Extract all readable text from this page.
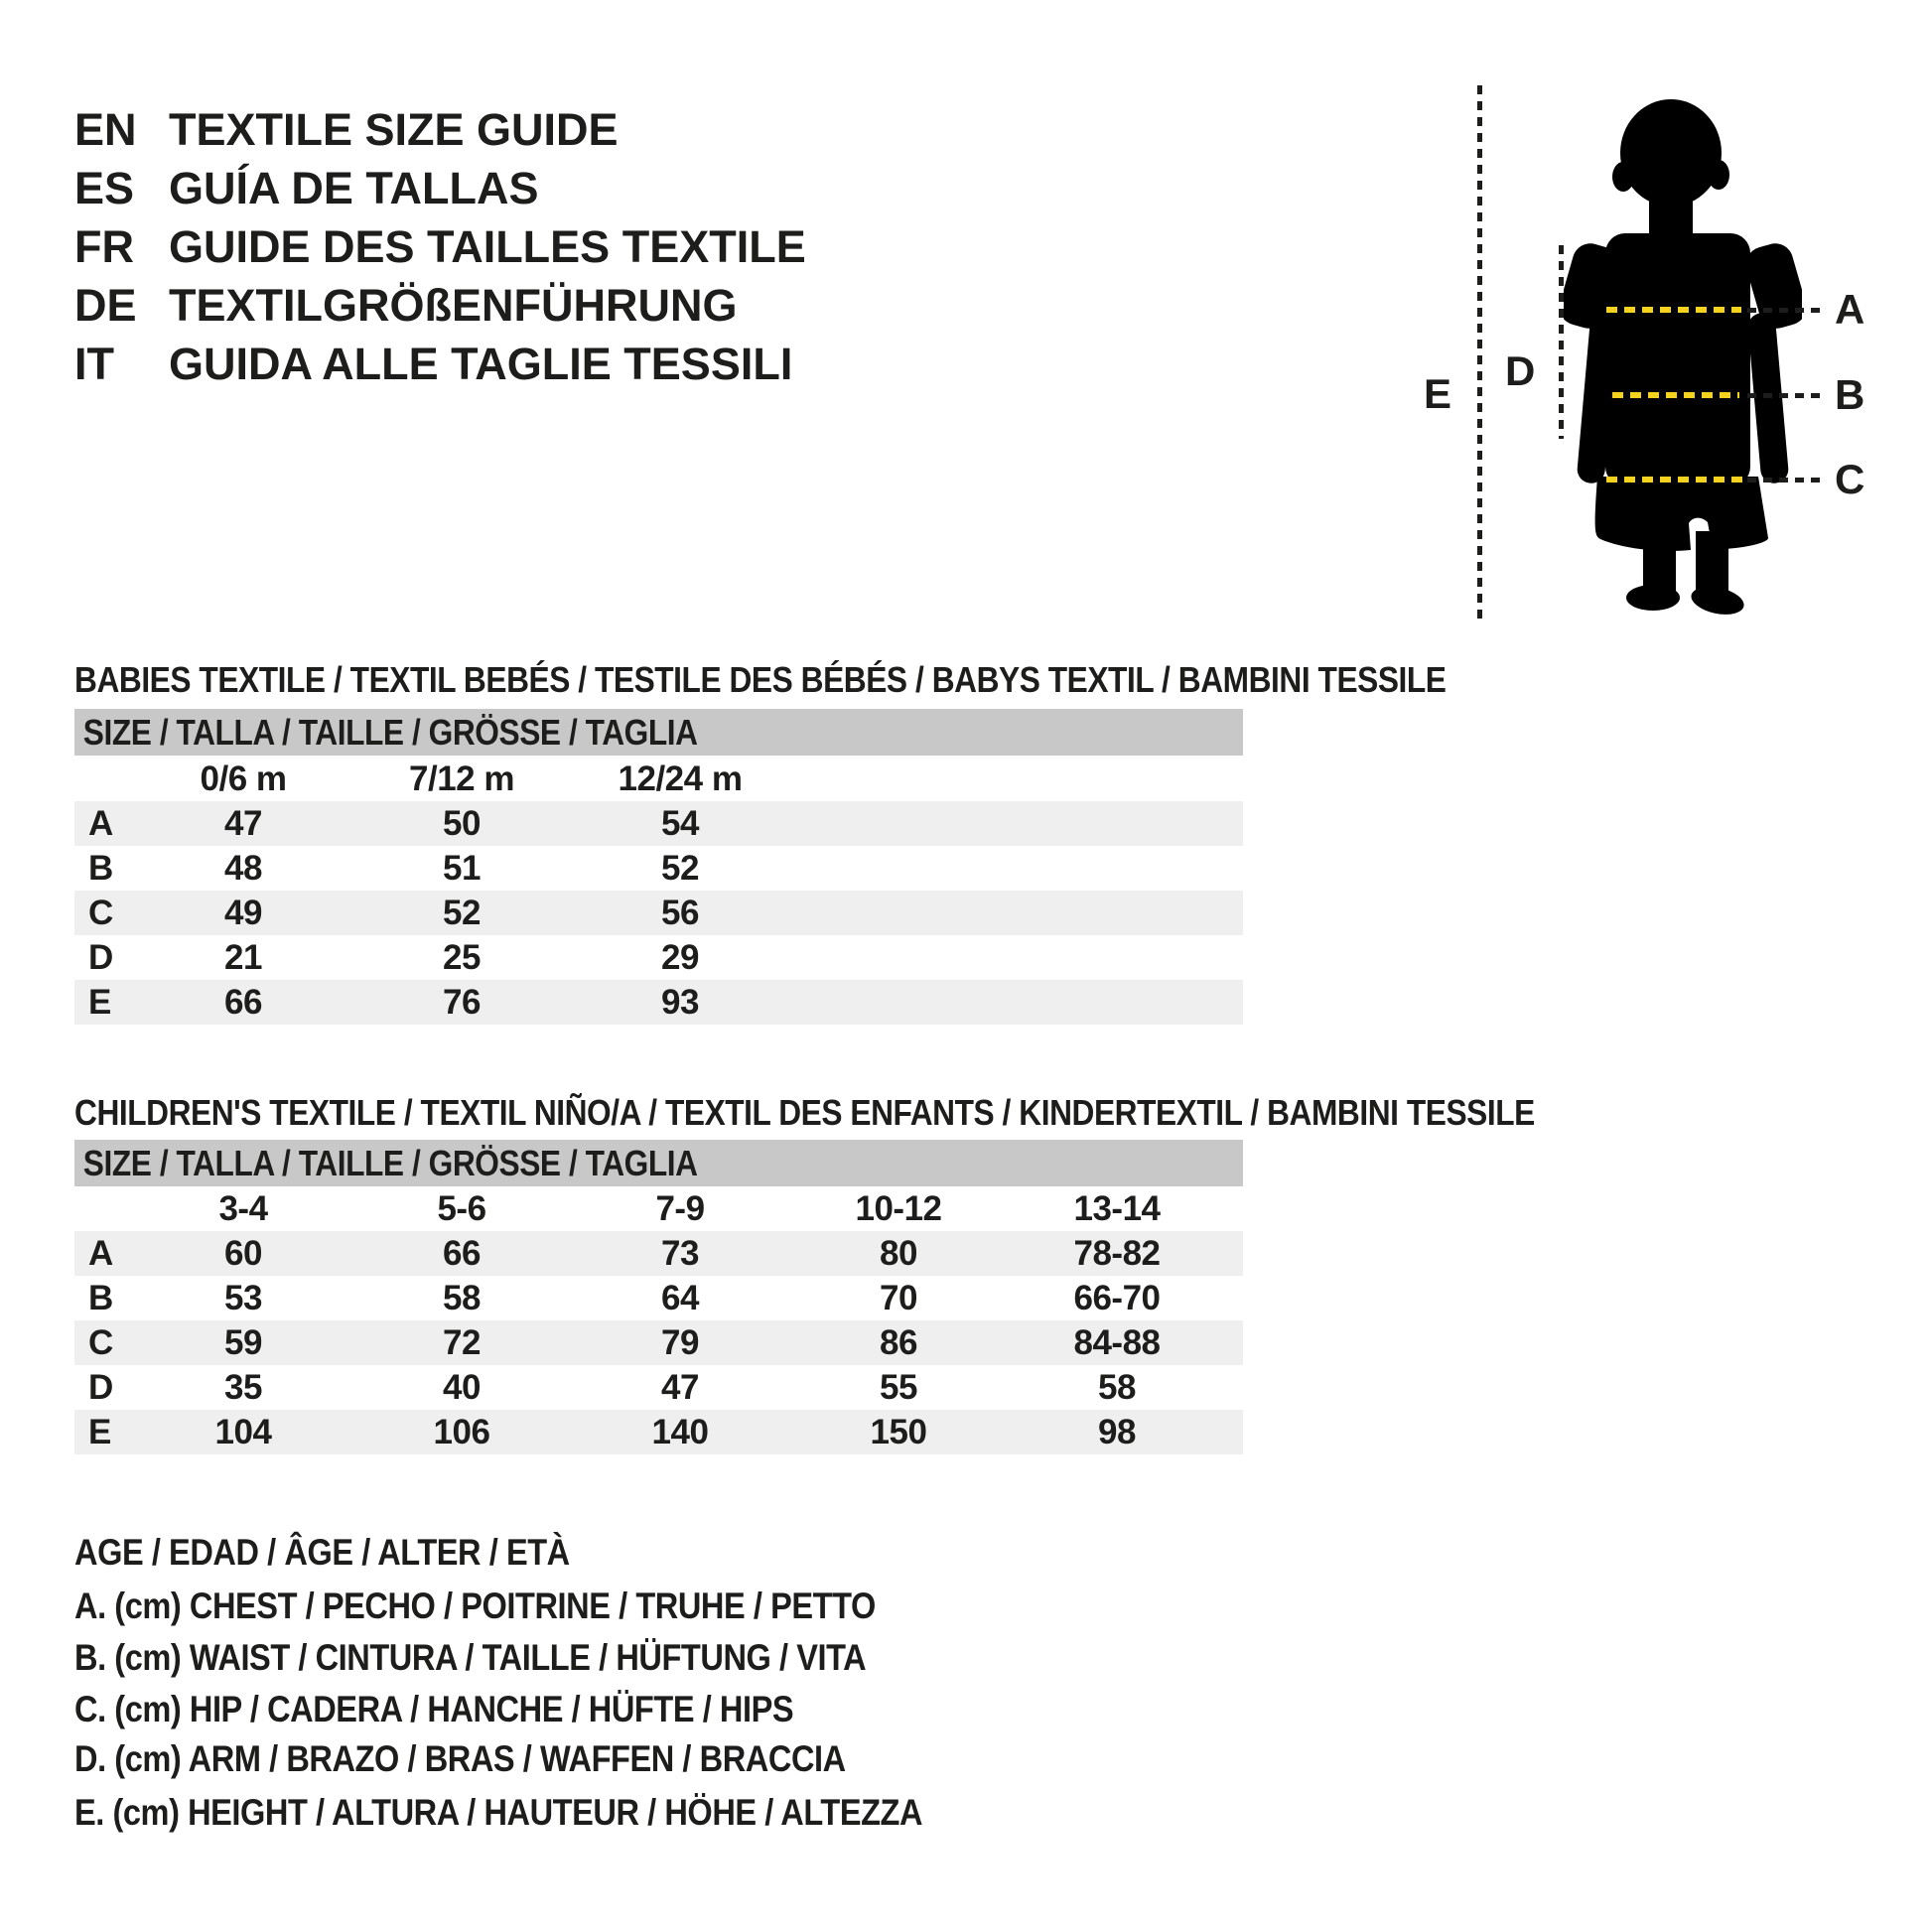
EN TEXTILE SIZE GUIDE
ES GUÍA DE TALLAS
FR GUIDE DES TAILLES TEXTILE
DE TEXTILGRÖßENFÜHRUNG
IT GUIDA ALLE TAGLIE TESSILI
E D
A
B
C
BABIES TEXTILE / TEXTIL BEBÉS / TESTILE DES BÉBÉS / BABYS TEXTIL / BAMBINI TESSILE
SIZE / TALLA / TAILLE / GRÖSSE / TAGLIA
0/6 m	7/12 m	12/24 m
A	47	50	54
B	48	51	52
C	49	52	56
D	21	25	29
E	66	76	93
CHILDREN'S TEXTILE / TEXTIL NIÑO/A / TEXTIL DES ENFANTS / KINDERTEXTIL / BAMBINI TESSILE
SIZE / TALLA / TAILLE / GRÖSSE / TAGLIA
3-4	5-6	7-9	10-12	13-14
A	60	66	73	80	78-82
B	53	58	64	70	66-70
C	59	72	79	86	84-88
D	35	40	47	55	58
E	104	106	140	150	98
AGE / EDAD / ÂGE / ALTER / ETÀ
A. (cm) CHEST / PECHO / POITRINE / TRUHE / PETTO
B. (cm) WAIST / CINTURA / TAILLE / HÜFTUNG / VITA
C. (cm) HIP / CADERA / HANCHE / HÜFTE / HIPS
D. (cm) ARM / BRAZO / BRAS / WAFFEN / BRACCIA
E. (cm) HEIGHT / ALTURA / HAUTEUR / HÖHE / ALTEZZA
